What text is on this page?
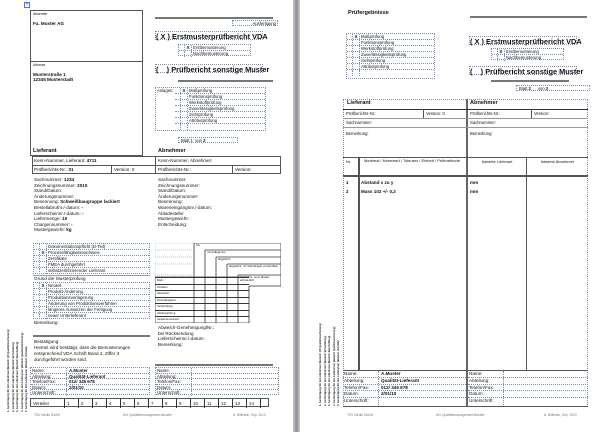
+
Absender
Fa. Muster AG
Adresse
Musterstraße 1
12345 Musterstadt
Ausfertigung
( X ) Erstmusterprüfbericht VDA
X Erstbemusterung
Nachbemusterung
(    ) Prüfbericht sonstige Muster
Anlagen:
	X Maßprüfung

Funktionsprüfung

Werkstoffprüfung

Zuverlässigkeitsprüfung

Sichtprüfung

Attributprüfung

Blatt 1 von 2
Lieferant	Abnehmer
Kenn-Nummer, Lieferant: 4711	Kenn-Nummer, Abnehmer:
Prüfberichts-Nr.: 01	Version: 0	Prüfberichts-Nr.:	Version:
Sachnummer: 1234
Zeichnungsnummer: 2010
Stand/Datum:
Änderungsnummer:
Benennung: Schweißbaugruppe lackiert
Bestellabrufnr./-datum: -
Lieferscheinnr./-datum: -
Liefermenge: 10
Chargennummer: -
Mustergewicht: kg
Sachnummer:
Zeichnungsnummer:
Stand/Datum:
Änderungsnummer:
Benennung:
Wareneingangsnr./-datum:
Abladestelle:
Mustergewicht:
Entscheidung:

Dokumentationspflicht (D-Teil)

X Prozessfähigkeitsnachweis

Zertifikate

FMEA durchgeführt

selbstzertifizierender Lieferant
Grund der Musterprüfung

X Neuteil

Produkt-Änderung

Produktionsverlagerung

Änderung von Produktionsverfahren

längeres Aussetzen der Fertigung

neuer Unterlieferant
Bemerkung:
Bestätigung:
Hiermit wird bestätigt, dass die Bemusterungen
entsprechend VDA Schrift Band 2, Ziffer 3
durchgeführt worden sind.
frei
mit Auflage frei
abgelehnt
abgelehnt, mit Teilmängeln verwendbar
abgelehnt, neue Muster erforderlich
Maß
Funktion
Werkstoff
Zuverlässigkeit
Sichtprüfung
Attributprüfung
Gesamtentscheid
Abweich-Genehmigung/Nr.:
bei Rücksendung
Lieferscheinnr./-datum:
Bemerkung:
Name:	A.Muster
Abteilung:	Qualität-Lieferant
Telefon/Fax:	012/ 345 678
Datum:	2/01/10
Unterschrift:
Name:
Abteilung:
Telefon/Fax:
Datum:
Unterschrift:
Verteiler	1	2	3	4	5	6	7	8	9	10	11	12	13	14
1. Ausfertigung für den Abnehmer (Bereich QS Qualitätssicherung) 2. Ausfertigung für den Abnehmer (Bereich Entwicklung) 3. Ausfertigung für den Abnehmer (Bereich Beschaffung) 4. Ausfertigung für den Lieferanten (Bereich Qualitätssicherung) 5. Ausfertigung für den Lieferanten (Bereich Vertrieb)
TÜV Media GmbH	Der Qualitätsmanagement-Berater	A. Brillhahn, Sep. 2010
Prüfergebnisse

X Maßprüfung

Funktionsprüfung

Werkstoffprüfung

Zuverlässigkeitsprüfung

Sichtprüfung

Attributprüfung

( X ) Erstmusterprüfbericht VDA
X Erstbemusterung
Nachbemusterung
(    ) Prüfbericht sonstige Muster
Blatt 2 von 2
Lieferant	Abnehmer
Prüfberichts-Nr.:	Version: 0	Prüfberichts-Nr.:	Version:
Sachnummer:	Sachnummer:
Bemerkung:	Bemerkung:
Nr.	Merkmal / Nennwert / Toleranz / Einheit / Prüfmethode	Istwerte Lieferant	Istwerte Abnehmer
1	Abstand x zu y	mm
2	Mass 102 +/- 0,2	mm
Name:	A.Muster
Abteilung:	Qualität-Lieferant
Telefon/Fax:	012/ 345 678
Datum:	2/01/10
Unterschrift:
Name:
Abteilung:
Telefon/Fax:
Datum:
Unterschrift:
1. Ausfertigung für den Abnehmer (Bereich QS Qualitätssicherung) 2. Ausfertigung für den Abnehmer (Bereich Entwicklung) 3. Ausfertigung für den Abnehmer (Bereich Beschaffung) 4. Ausfertigung für den Lieferanten (Bereich Qualitätssicherung) 5. Ausfertigung für den Lieferanten (Bereich Vertrieb)
TÜV Media GmbH	Der Qualitätsmanagement-Berater	A. Brillhahn, Sep. 2010
